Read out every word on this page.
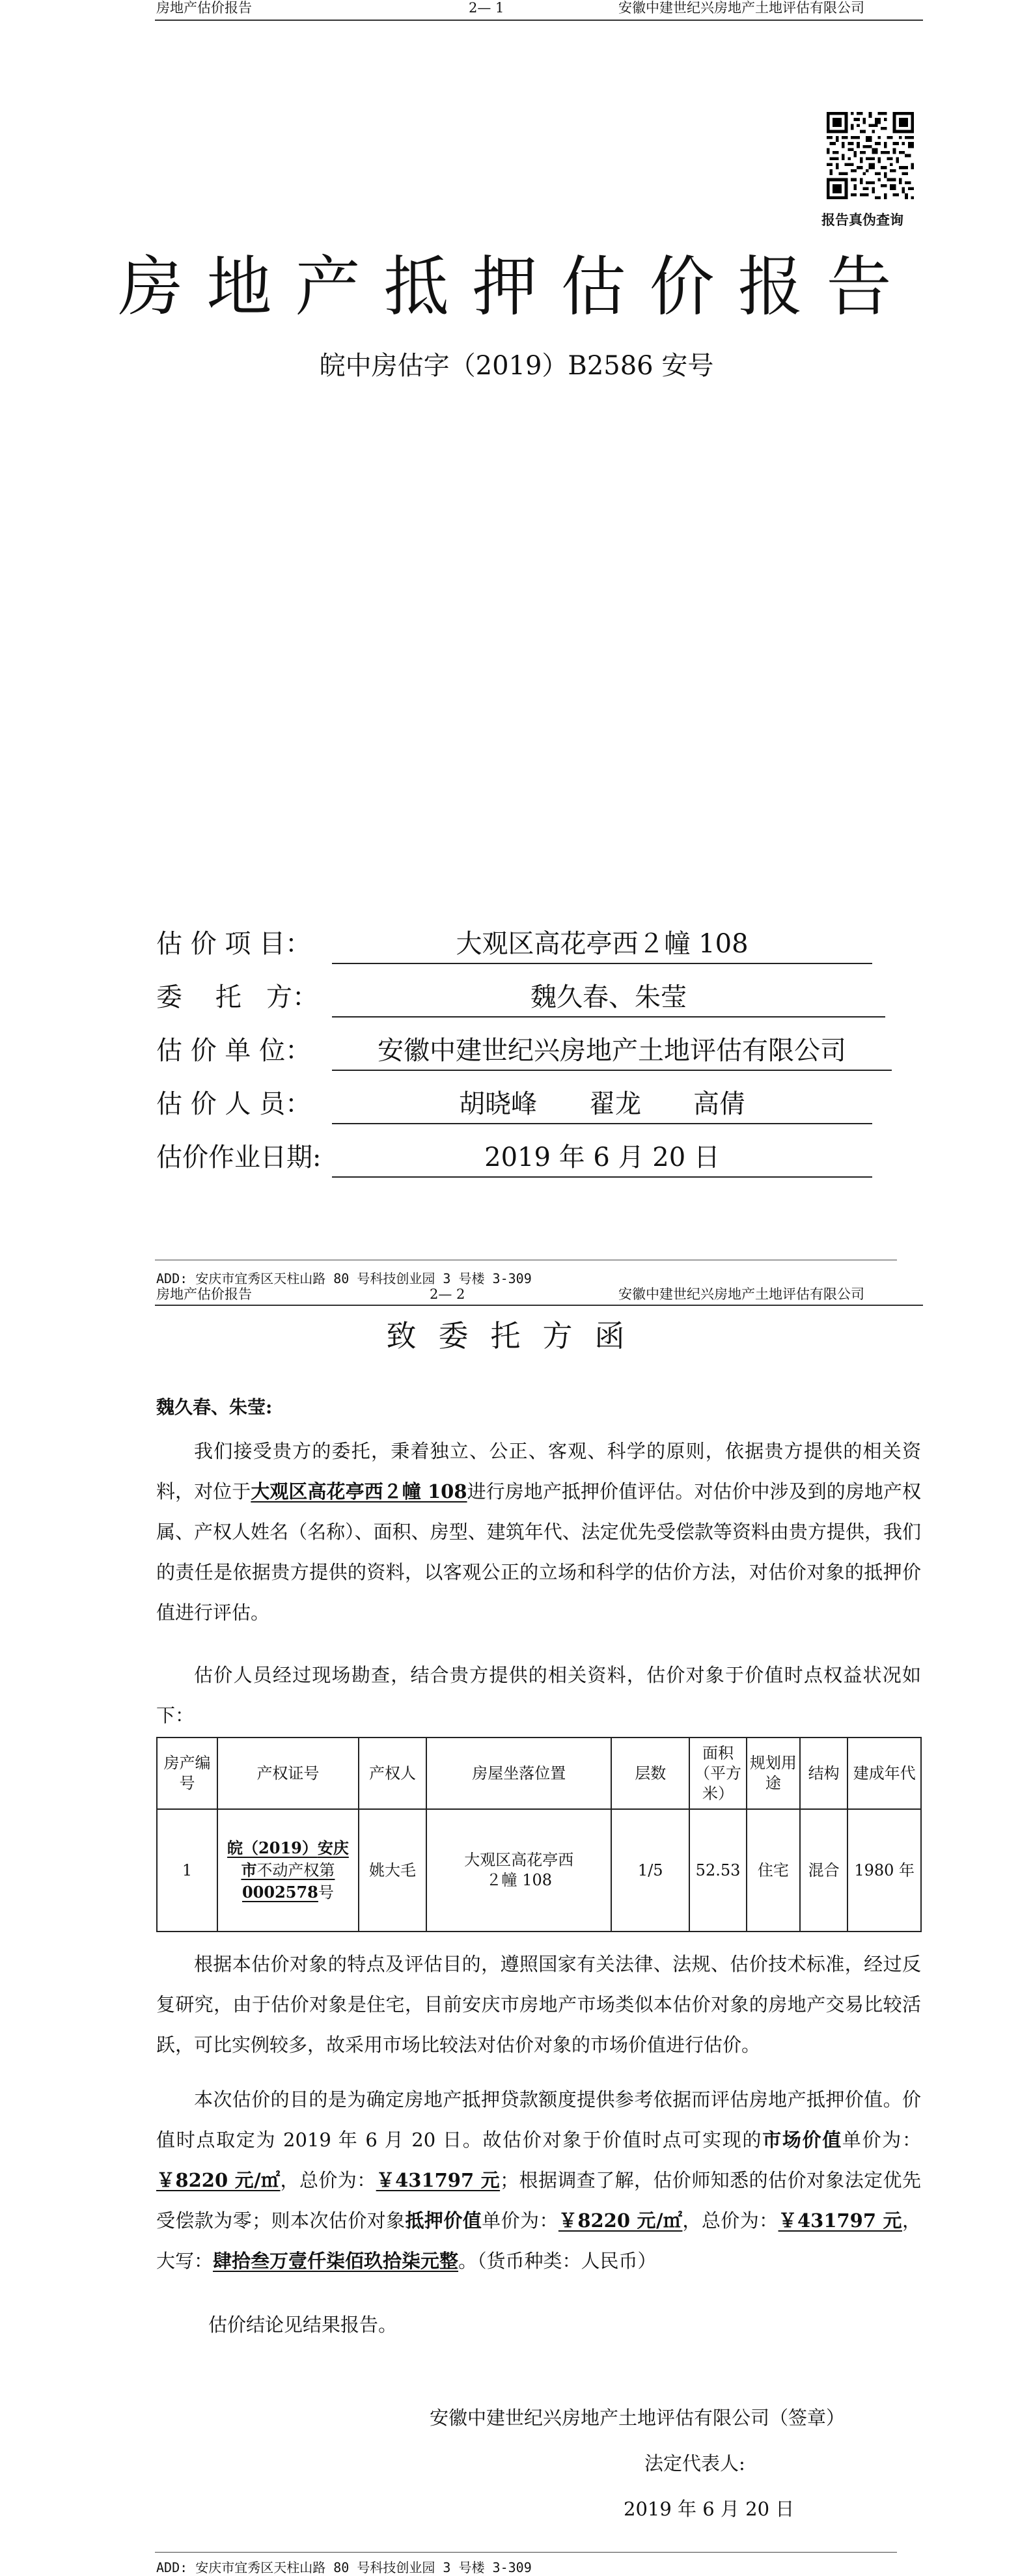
房地产估价报告	2— 1	安徽中建世纪兴房地产土地评估有限公司
报告真伪查询
房地产抵押估价报告
皖中房估字（2019）B2586 安号
估 价 项 目：	大观区高花亭西２幢 108
委    托   方：	魏久春、朱莹
估 价 单 位：	安徽中建世纪兴房地产土地评估有限公司
估 价 人 员：	胡晓峰　　翟龙　　高倩
估价作业日期:	2019 年 6 月 20 日
ADD: 安庆市宜秀区天柱山路 80 号科技创业园 3 号楼 3-309
房地产估价报告	2— 2	安徽中建世纪兴房地产土地评估有限公司
致委托方函
魏久春、朱莹:
我们接受贵方的委托，秉着独立、公正、客观、科学的原则，依据贵方提供的相关资料，对位于大观区高花亭西２幢 108进行房地产抵押价值评估。对估价中涉及到的房地产权属、产权人姓名（名称）、面积、房型、建筑年代、法定优先受偿款等资料由贵方提供，我们的责任是依据贵方提供的资料，以客观公正的立场和科学的估价方法，对估价对象的抵押价值进行评估。
估价人员经过现场勘查，结合贵方提供的相关资料，估价对象于价值时点权益状况如下：
房产编号	产权证号	产权人	房屋坐落位置	层数	面积（平方米）	规划用途	结构	建成年代
1	皖（2019）安庆市不动产权第0002578号	姚大毛	大观区高花亭西２幢 108	1/5	52.53	住宅	混合	1980 年
根据本估价对象的特点及评估目的，遵照国家有关法律、法规、估价技术标准，经过反复研究，由于估价对象是住宅，目前安庆市房地产市场类似本估价对象的房地产交易比较活跃，可比实例较多，故采用市场比较法对估价对象的市场价值进行估价。
本次估价的目的是为确定房地产抵押贷款额度提供参考依据而评估房地产抵押价值。价值时点取定为 2019 年 6 月 20 日。故估价对象于价值时点可实现的市场价值单价为：￥8220 元/㎡，总价为：￥431797 元；根据调查了解，估价师知悉的估价对象法定优先受偿款为零；则本次估价对象抵押价值单价为：￥8220 元/㎡，总价为：￥431797 元，大写：肆拾叁万壹仟柒佰玖拾柒元整。（货币种类：人民币）
估价结论见结果报告。
安徽中建世纪兴房地产土地评估有限公司（签章）
法定代表人:
2019 年 6 月 20 日
ADD: 安庆市宜秀区天柱山路 80 号科技创业园 3 号楼 3-309
